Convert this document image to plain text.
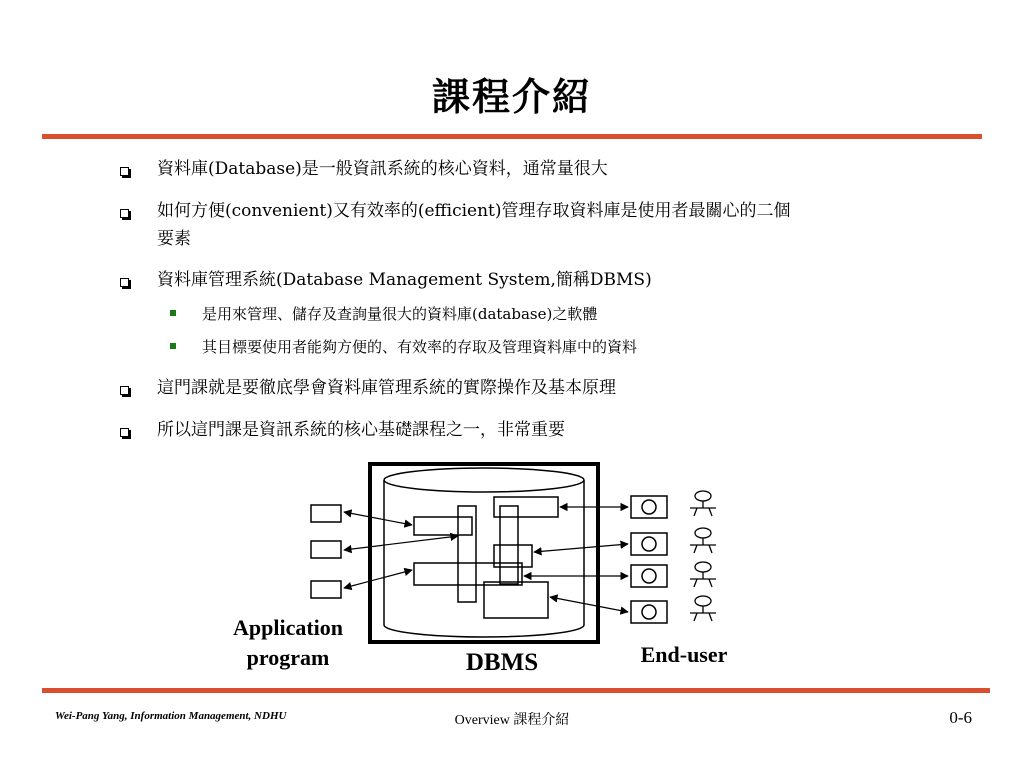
課程介紹
資料庫(Database)是一般資訊系統的核心資料，通常量很大
如何方便(convenient)又有效率的(efficient)管理存取資料庫是使用者最關心的二個
要素
資料庫管理系統(Database Management System,簡稱DBMS)
是用來管理、儲存及查詢量很大的資料庫(database)之軟體
其目標要使用者能夠方便的、有效率的存取及管理資料庫中的資料
這門課就是要徹底學會資料庫管理系統的實際操作及基本原理
所以這門課是資訊系統的核心基礎課程之一，非常重要
Application
program	DBMS	End-user
Wei-Pang Yang, Information Management, NDHU	Overview 課程介紹	0-6
